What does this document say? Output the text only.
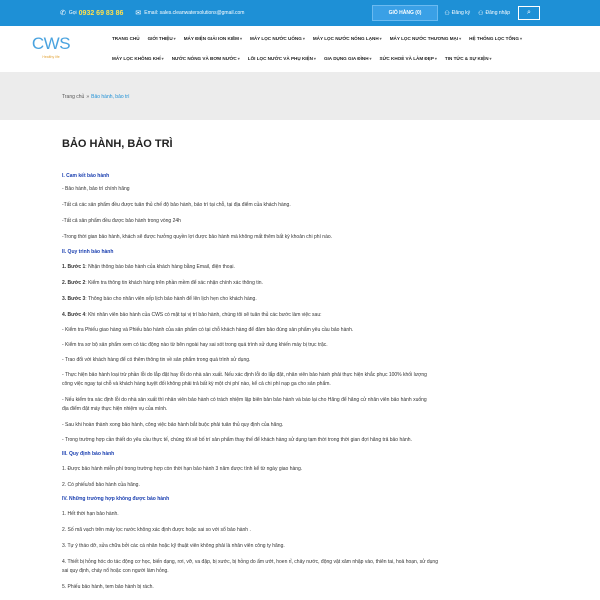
✆ Gọi 0932 69 83 86 ✉ Email:
sales.cleanwatersolutions@gmail.com	GIỎ HÀNG (0)	⚇ Đăng ký ⚇ Đăng nhập ⌕
CWS
Healthy life
TRANG CHỦ GIỚI THIỆU ▾ MÁY ĐIỆN GIẢI ION KIỀM ▾ MÁY LỌC NƯỚC UỐNG ▾ MÁY LỌC NƯỚC NÓNG LẠNH ▾ MÁY LỌC NƯỚC THƯƠNG MẠI ▾ HỆ THỐNG LỌC TỔNG ▾
MÁY LỌC KHÔNG KHÍ ▾ NƯỚC NÓNG VÀ BƠM NƯỚC ▾ LÕI LỌC NƯỚC VÀ PHỤ KIỆN ▾ GIA DỤNG GIA ĐÌNH ▾ SỨC KHOẺ VÀ LÀM ĐẸP ▾ TIN TỨC & SỰ KIỆN ▾
Trang chủ » Bảo hành, bảo trì
BẢO HÀNH, BẢO TRÌ
I. Cam kết bảo hành
- Bảo hành, bảo trì chính hãng
-Tất cả các sản phẩm đều được tuân thủ chế độ bảo hành, bảo trì tại chỗ, tại địa điểm của khách hàng.
-Tất cả sản phẩm đều được bảo hành trong vòng 24h
-Trong thời gian bảo hành, khách sẽ được hưởng quyền lợi được bảo hành mà không mất thêm bất kỳ khoản chi phí nào.
II. Quy trình bảo hành
1. Bước 1: Nhận thông báo bảo hành của khách hàng bằng Email, điện thoại.
2. Bước 2: Kiểm tra thông tin khách hàng trên phần mềm để xác nhận chính xác thông tin.
3. Bước 3: Thông báo cho nhân viên xếp lịch bảo hành để lên lịch hẹn cho khách hàng.
4. Bước 4: Khi nhân viên bảo hành của CWS có mặt tại vị trí bảo hành, chúng tôi sẽ tuân thủ các bước làm việc sau:
- Kiểm tra Phiếu giao hàng và Phiếu bảo hành của sản phẩm có tại chỗ khách hàng để đảm bảo đúng sản phẩm yêu cầu bảo hành.
- Kiểm tra sơ bộ sản phẩm xem có tác động nào từ bên ngoài hay sai sót trong quá trình sử dụng khiến máy bị trục trặc.
- Trao đổi với khách hàng để có thêm thông tin về sản phẩm trong quá trình sử dụng.
- Thực hiện bảo hành loại trừ phần lỗi do lắp đặt hay lỗi do nhà sản xuất. Nếu xác định lỗi do lắp đặt, nhân viên bảo hành phải thực hiện khắc phục 100% khối lượng
công việc ngay tại chỗ và khách hàng tuyệt đối không phải trả bất kỳ một chi phí nào, kể cả chi phí nạp ga cho sản phẩm.
- Nếu kiểm tra xác định lỗi do nhà sản xuất thì nhân viên bảo hành có trách nhiệm lập biên bản bảo hành và báo lại cho Hãng để hãng cử nhân viên bảo hành xuống
địa điểm đặt máy thực hiện nhiệm vụ của mình.
- Sau khi hoàn thành xong bảo hành, công việc bảo hành bắt buộc phải tuân thủ quy định của hãng.
- Trong trường hợp cần thiết do yêu cầu thực tế, chúng tôi sẽ bố trí sản phẩm thay thế để khách hàng sử dụng tạm thời trong thời gian đợi hãng trả bảo hành.
III. Quy định bảo hành
1. Được bảo hành miễn phí trong trường hợp còn thời hạn bảo hành 3 năm được tính kể từ ngày giao hàng.
2. Có phiếu/sổ bảo hành của hãng.
IV. Những trường hợp không được bảo hành
1. Hết thời hạn bảo hành.
2. Số mã vạch trên máy lọc nước không xác định được hoặc sai so với sổ bảo hành .
3. Tự ý tháo dỡ, sửa chữa bởi các cá nhân hoặc kỹ thuật viên không phải là nhân viên công ty hãng.
4. Thiết bị hỏng hóc do tác động cơ học, biến dạng, rơi, vỡ, va đập, bị xước, bị hỏng do ẩm ướt, hoen rỉ, chảy nước, động vật xâm nhập vào, thiên tai, hoả hoạn, sử dụng
sai quy định, cháy nổ hoặc con người làm hỏng.
5. Phiếu bảo hành, tem bảo hành bị rách.
